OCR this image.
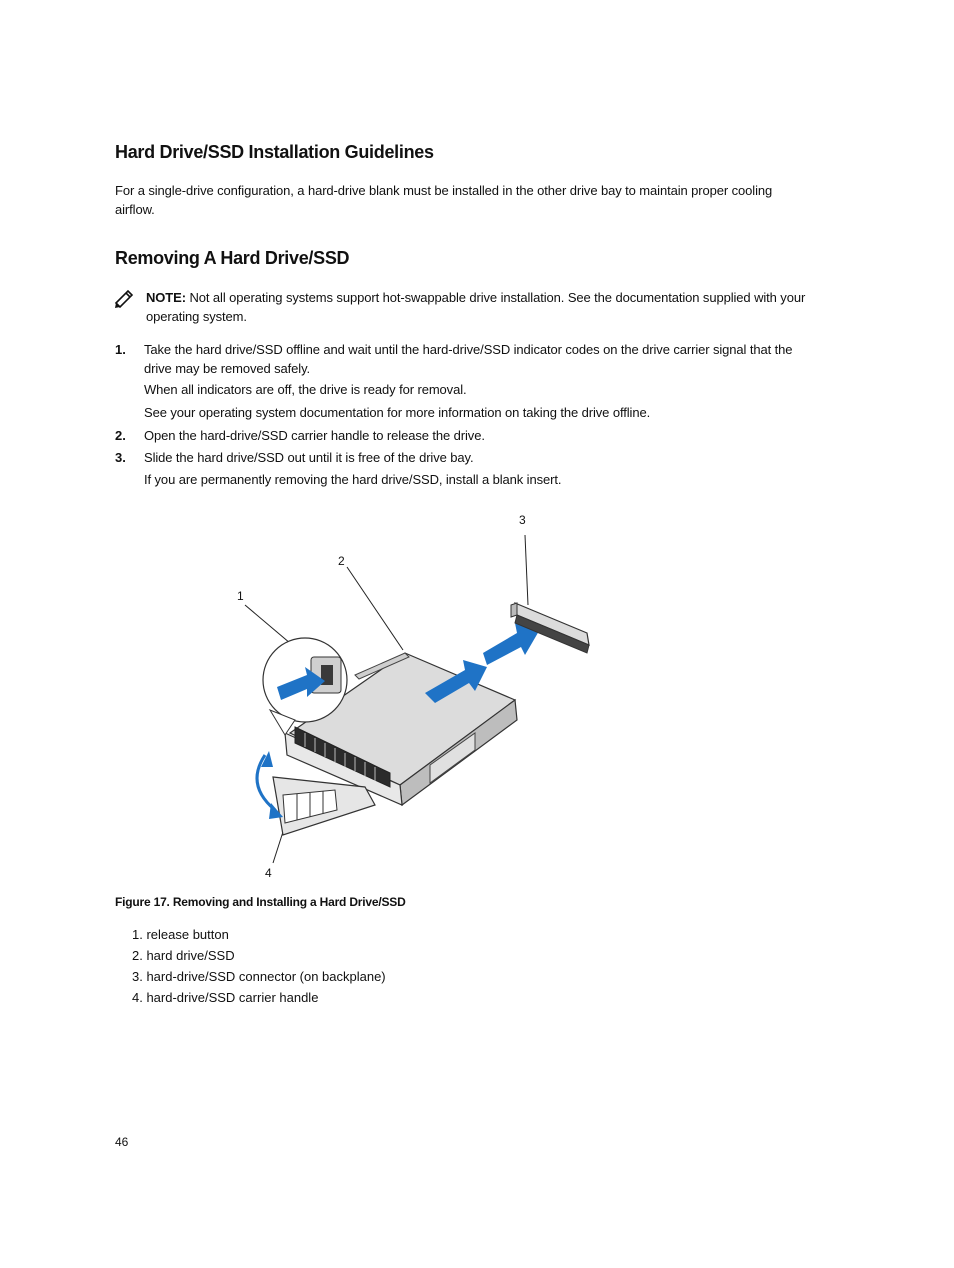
Hard Drive/SSD Installation Guidelines
For a single-drive configuration, a hard-drive blank must be installed in the other drive bay to maintain proper cooling airflow.
Removing A Hard Drive/SSD
NOTE: Not all operating systems support hot-swappable drive installation. See the documentation supplied with your operating system.
1. Take the hard drive/SSD offline and wait until the hard-drive/SSD indicator codes on the drive carrier signal that the drive may be removed safely.
When all indicators are off, the drive is ready for removal.
See your operating system documentation for more information on taking the drive offline.
2. Open the hard-drive/SSD carrier handle to release the drive.
3. Slide the hard drive/SSD out until it is free of the drive bay.
If you are permanently removing the hard drive/SSD, install a blank insert.
3
2
1
4
Figure 17. Removing and Installing a Hard Drive/SSD
1. release button
2. hard drive/SSD
3. hard-drive/SSD connector (on backplane)
4. hard-drive/SSD carrier handle
46
